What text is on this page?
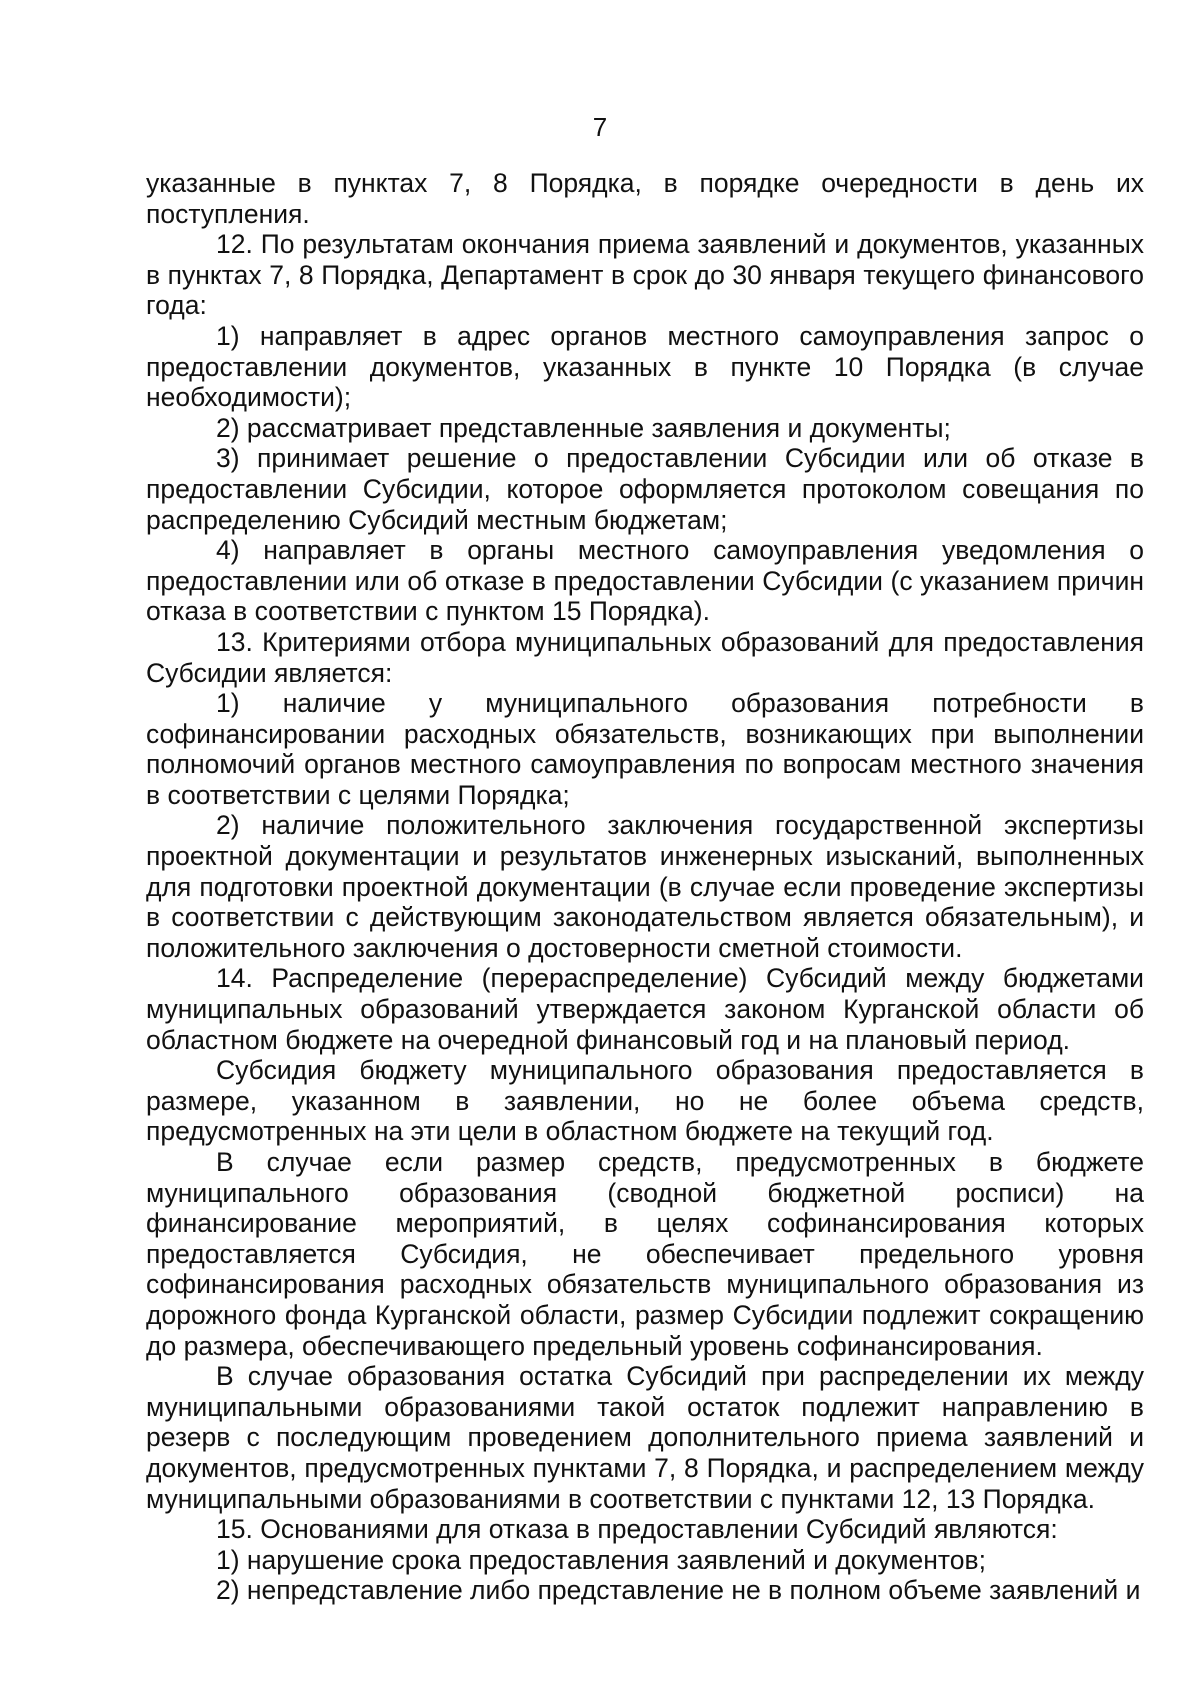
7

указанные в пунктах 7, 8 Порядка, в порядке очередности в день их поступления.

12. По результатам окончания приема заявлений и документов, указанных в пунктах 7, 8 Порядка, Департамент в срок до 30 января текущего финансового года:

1) направляет в адрес органов местного самоуправления запрос о предоставлении документов, указанных в пункте 10 Порядка (в случае необходимости);

2) рассматривает представленные заявления и документы;

3) принимает решение о предоставлении Субсидии или об отказе в предоставлении Субсидии, которое оформляется протоколом совещания по распределению Субсидий местным бюджетам;

4) направляет в органы местного самоуправления уведомления о предоставлении или об отказе в предоставлении Субсидии (с указанием причин отказа в соответствии с пунктом 15 Порядка).

13. Критериями отбора муниципальных образований для предоставления Субсидии является:

1) наличие у муниципального образования потребности в софинансировании расходных обязательств, возникающих при выполнении полномочий органов местного самоуправления по вопросам местного значения в соответствии с целями Порядка;

2) наличие положительного заключения государственной экспертизы проектной документации и результатов инженерных изысканий, выполненных для подготовки проектной документации (в случае если проведение экспертизы в соответствии с действующим законодательством является обязательным), и положительного заключения о достоверности сметной стоимости.

14. Распределение (перераспределение) Субсидий между бюджетами муниципальных образований утверждается законом Курганской области об областном бюджете на очередной финансовый год и на плановый период.

Субсидия бюджету муниципального образования предоставляется в размере, указанном в заявлении, но не более объема средств, предусмотренных на эти цели в областном бюджете на текущий год.

В случае если размер средств, предусмотренных в бюджете муниципального образования (сводной бюджетной росписи) на финансирование мероприятий, в целях софинансирования которых предоставляется Субсидия, не обеспечивает предельного уровня софинансирования расходных обязательств муниципального образования из дорожного фонда Курганской области, размер Субсидии подлежит сокращению до размера, обеспечивающего предельный уровень софинансирования.

В случае образования остатка Субсидий при распределении их между муниципальными образованиями такой остаток подлежит направлению в резерв с последующим проведением дополнительного приема заявлений и документов, предусмотренных пунктами 7, 8 Порядка, и распределением между муниципальными образованиями в соответствии с пунктами 12, 13 Порядка.

15. Основаниями для отказа в предоставлении Субсидий являются:

1) нарушение срока предоставления заявлений и документов;

2) непредставление либо представление не в полном объеме заявлений и
